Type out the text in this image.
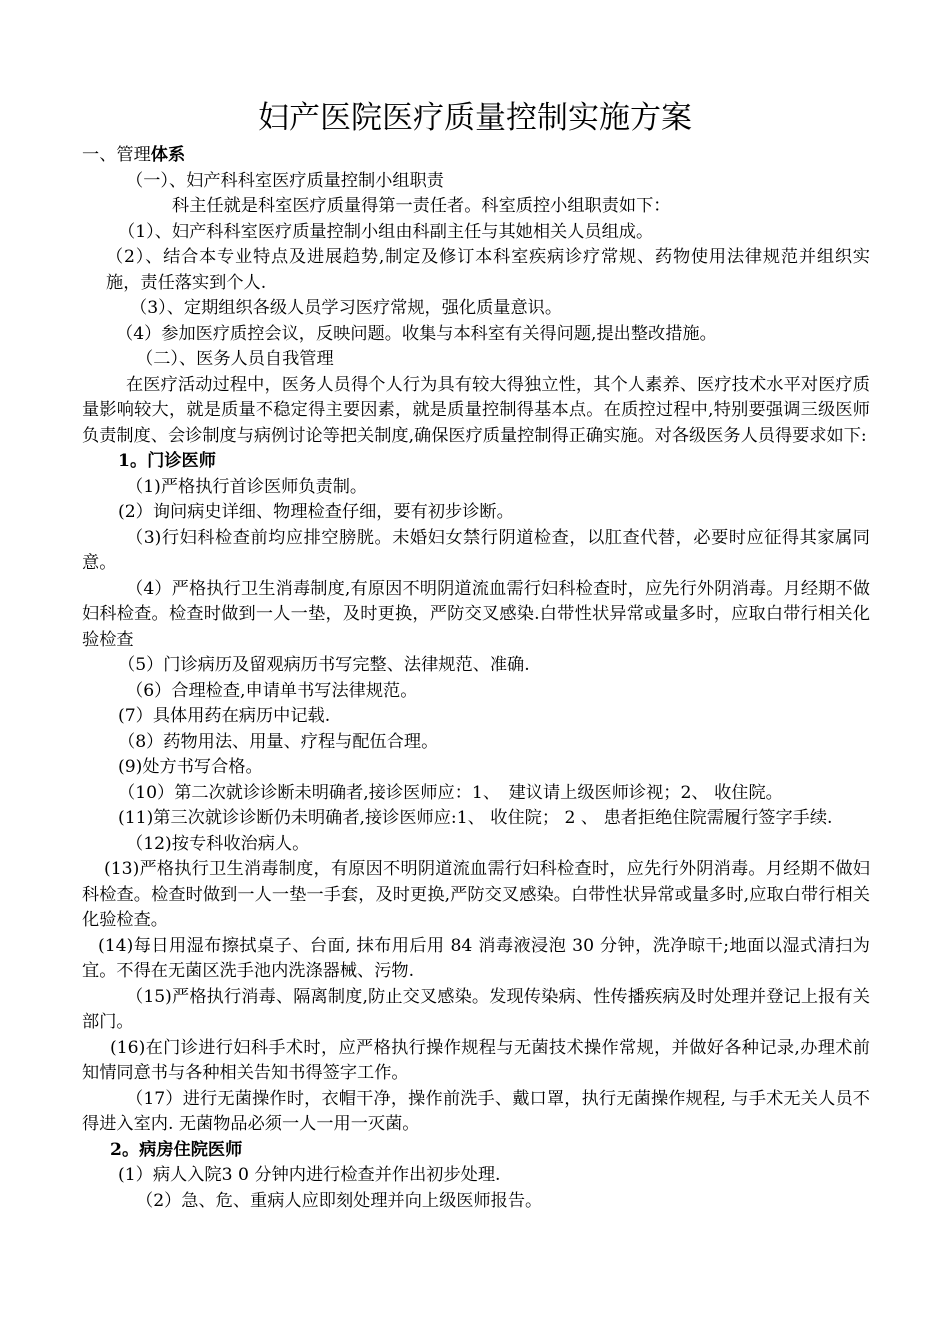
妇产医院医疗质量控制实施方案

一、管理体系

（一）、妇产科科室医疗质量控制小组职责

科主任就是科室医疗质量得第一责任者。科室质控小组职责如下：

（1）、妇产科科室医疗质量控制小组由科副主任与其她相关人员组成。

（2）、结合本专业特点及进展趋势,制定及修订本科室疾病诊疗常规、药物使用法律规范并组织实施，责任落实到个人.

（3）、定期组织各级人员学习医疗常规，强化质量意识。

（4）参加医疗质控会议，反映问题。收集与本科室有关得问题,提出整改措施。

（二）、医务人员自我管理

在医疗活动过程中，医务人员得个人行为具有较大得独立性，其个人素养、医疗技术水平对医疗质量影响较大，就是质量不稳定得主要因素，就是质量控制得基本点。在质控过程中,特别要强调三级医师负责制度、会诊制度与病例讨论等把关制度,确保医疗质量控制得正确实施。对各级医务人员得要求如下:

1。门诊医师

（1)严格执行首诊医师负责制。

(2）询问病史详细、物理检查仔细，要有初步诊断。

（3)行妇科检查前均应排空膀胱。未婚妇女禁行阴道检查，以肛查代替，必要时应征得其家属同意。

（4）严格执行卫生消毒制度,有原因不明阴道流血需行妇科检查时，应先行外阴消毒。月经期不做妇科检查。检查时做到一人一垫，及时更换，严防交叉感染.白带性状异常或量多时，应取白带行相关化验检查

（5）门诊病历及留观病历书写完整、法律规范、准确.

（6）合理检查,申请单书写法律规范。

(7）具体用药在病历中记载.

（8）药物用法、用量、疗程与配伍合理。

(9)处方书写合格。

（10）第二次就诊诊断未明确者,接诊医师应：1、　建议请上级医师诊视；2、 收住院。

(11)第三次就诊诊断仍未明确者,接诊医师应:1、 收住院； 2 、 患者拒绝住院需履行签字手续.

（12)按专科收治病人。

(13)严格执行卫生消毒制度，有原因不明阴道流血需行妇科检查时，应先行外阴消毒。月经期不做妇科检查。检查时做到一人一垫一手套，及时更换,严防交叉感染。白带性状异常或量多时,应取白带行相关化验检查。

(14)每日用湿布擦拭桌子、台面, 抹布用后用 84 消毒液浸泡 30 分钟，洗净晾干;地面以湿式清扫为宜。不得在无菌区洗手池内洗涤器械、污物.

（15)严格执行消毒、隔离制度,防止交叉感染。发现传染病、性传播疾病及时处理并登记上报有关部门。

(16)在门诊进行妇科手术时，应严格执行操作规程与无菌技术操作常规，并做好各种记录,办理术前知情同意书与各种相关告知书得签字工作。

（17）进行无菌操作时，衣帽干净，操作前洗手、戴口罩，执行无菌操作规程, 与手术无关人员不得进入室内. 无菌物品必须一人一用一灭菌。

2。病房住院医师

(1）病人入院3 0 分钟内进行检查并作出初步处理.

（2）急、危、重病人应即刻处理并向上级医师报告。
